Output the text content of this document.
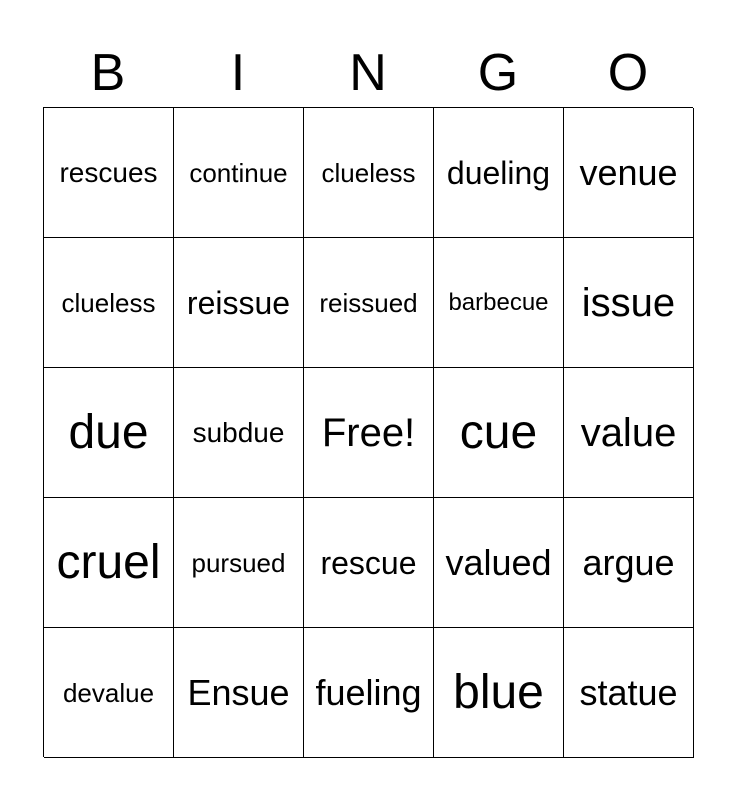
B	I	N	G	O
rescues continue clueless dueling venue
clueless reissue reissued barbecue issue
due subdue Free! cue value
cruel pursued rescue valued argue
devalue Ensue fueling blue statue
